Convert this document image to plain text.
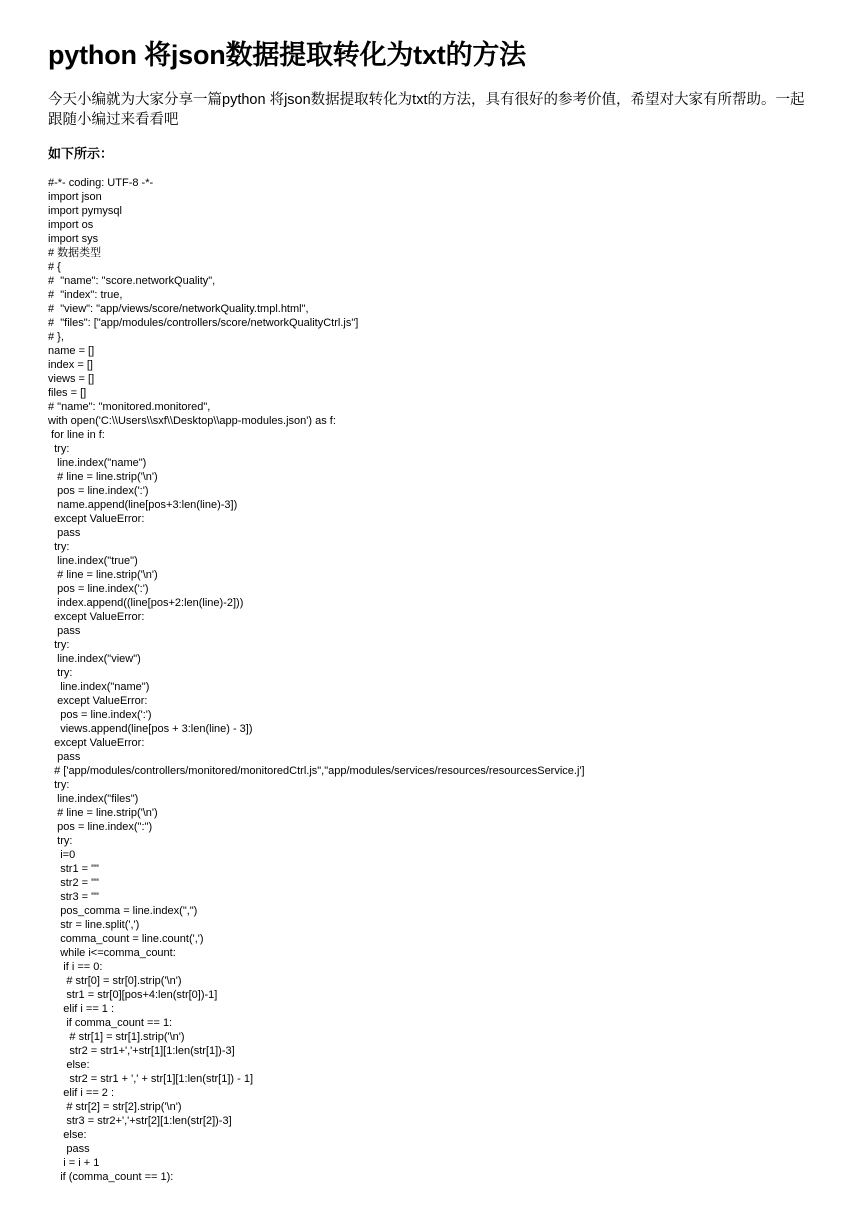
python 将json数据提取转化为txt的方法

今天小编就为大家分享一篇python 将json数据提取转化为txt的方法，具有很好的参考价值，希望对大家有所帮助。一起跟随小编过来看看吧

如下所示：

#-*- coding: UTF-8 -*-
import json
import pymysql
import os
import sys
# 数据类型
# {
#  "name": "score.networkQuality",
#  "index": true,
#  "view": "app/views/score/networkQuality.tmpl.html",
#  "files": ["app/modules/controllers/score/networkQualityCtrl.js"]
# },
name = []
index = []
views = []
files = []
# "name": "monitored.monitored",
with open('C:\\Users\\sxf\\Desktop\\app-modules.json') as f:
for line in f:
try:
line.index("name")
# line = line.strip('\n')
pos = line.index(':')
name.append(line[pos+3:len(line)-3])
except ValueError:
pass
try:
line.index("true")
# line = line.strip('\n')
pos = line.index(':')
index.append((line[pos+2:len(line)-2]))
except ValueError:
pass
try:
line.index("view")
try:
line.index("name")
except ValueError:
pos = line.index(':')
views.append(line[pos + 3:len(line) - 3])
except ValueError:
pass
# ['app/modules/controllers/monitored/monitoredCtrl.js","app/modules/services/resources/resourcesService.j']
try:
line.index("files")
# line = line.strip('\n')
pos = line.index(":")
try:
i=0
str1 = ""
str2 = ""
str3 = ""
pos_comma = line.index(",")
str = line.split(',')
comma_count = line.count(',')
while i<=comma_count:
if i == 0:
# str[0] = str[0].strip('\n')
str1 = str[0][pos+4:len(str[0])-1]
elif i == 1 :
if comma_count == 1:
# str[1] = str[1].strip('\n')
str2 = str1+','+str[1][1:len(str[1])-3]
else:
str2 = str1 + ',' + str[1][1:len(str[1]) - 1]
elif i == 2 :
# str[2] = str[2].strip('\n')
str3 = str2+','+str[2][1:len(str[2])-3]
else:
pass
i = i + 1
if (comma_count == 1):
